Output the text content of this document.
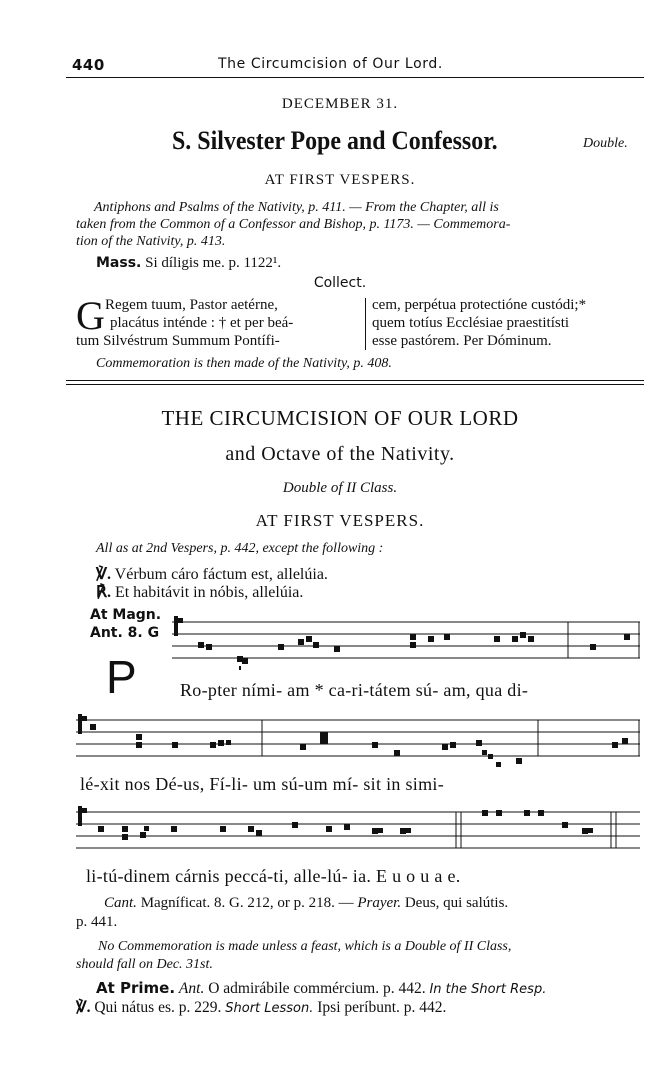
440	The Circumcision of Our Lord.
DECEMBER 31.
S. Silvester Pope and Confessor.	Double.
AT FIRST VESPERS.
Antiphons and Psalms of the Nativity, p. 411. — From the Chapter, all is
taken from the Common of a Confessor and Bishop, p. 1173. — Commemora-
tion of the Nativity, p. 413.
Mass. Si díligis me. p. 1122¹.
Collect.
G Regem tuum, Pastor aetérne,
placátus inténde : † et per beá-
tum Silvéstrum Summum Pontífi-
cem, perpétua protectióne custódi;*
quem totíus Ecclésiae praestitísti
esse pastórem. Per Dóminum.
Commemoration is then made of the Nativity, p. 408.
THE CIRCUMCISION OF OUR LORD
and Octave of the Nativity.
Double of II Class.
AT FIRST VESPERS.
All as at 2nd Vespers, p. 442, except the following :
℣. Vérbum cáro fáctum est, allelúia.
℟. Et habitávit in nóbis, allelúia.
At Magn.
Ant. 8. G
P Ro-pter ními- am * ca-ri-tátem sú- am, qua di-
lé-xit nos Dé-us, Fí-li- um sú-um mí- sit in simi-
li-tú-dinem cárnis peccá-ti, alle-lú- ia. E u o u a e.
Cant. Magníficat. 8. G. 212, or p. 218. — Prayer. Deus, qui salútis.
p. 441.
No Commemoration is made unless a feast, which is a Double of II Class,
should fall on Dec. 31st.
At Prime. Ant. O admirábile commércium. p. 442. In the Short Resp.
℣. Qui nátus es. p. 229. Short Lesson. Ipsi períbunt. p. 442.
